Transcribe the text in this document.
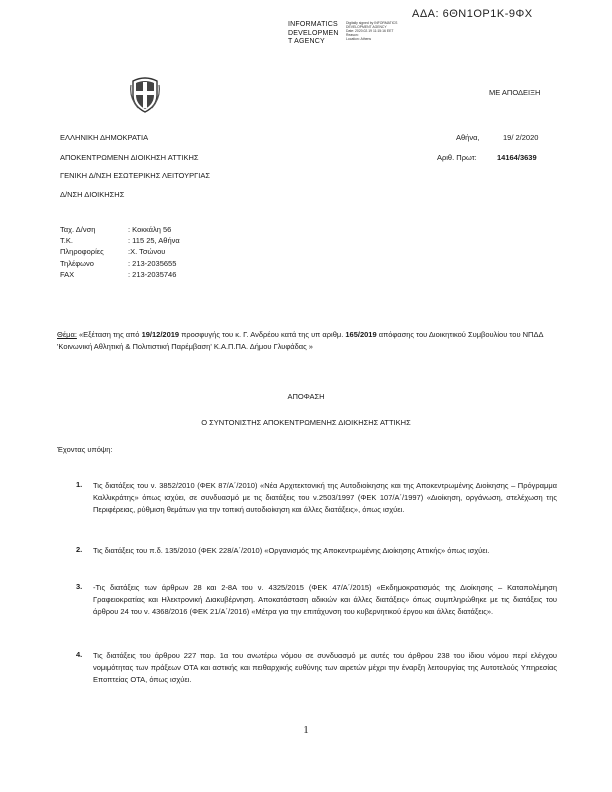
ΑΔΑ: 6ΘΝ1ΟΡ1Κ-9ΦΧ
INFORMATICS
DEVELOPMEN
T AGENCY
Digitally signed by INFORMATICS
DEVELOPMENT AGENCY
Date: 2020.02.19 11:15:16 EET
Reason:
Location: Athens
ΜΕ ΑΠΟΔΕΙΞΗ
ΕΛΛΗΝΙΚΗ ΔΗΜΟΚΡΑΤΙΑ
ΑΠΟΚΕΝΤΡΩΜΕΝΗ ΔΙΟΙΚΗΣΗ ΑΤΤΙΚΗΣ
ΓΕΝΙΚΗ Δ/ΝΣΗ ΕΣΩΤΕΡΙΚΗΣ ΛΕΙΤΟΥΡΓΙΑΣ
Δ/ΝΣΗ ΔΙΟΙΚΗΣΗΣ
Αθήνα,	19/ 2/2020
Αριθ. Πρωτ:	14164/3639
Ταχ. Δ/νση	: Κοκκάλη 56
Τ.Κ.	: 115 25, Αθήνα
Πληροφορίες	:Χ. Τσώνου
Τηλέφωνο	: 213-2035655
FAX	: 213-2035746
Θέμα: «Εξέταση της από 19/12/2019 προσφυγής του κ. Γ. Ανδρέου κατά της υπ αριθμ. 165/2019 απόφασης του Διοικητικού Συμβουλίου του ΝΠΔΔ 'Κοινωνική Αθλητική & Πολιτιστική Παρέμβαση' Κ.Α.Π.ΠΑ. Δήμου Γλυφάδας »
ΑΠΟΦΑΣΗ
Ο ΣΥΝΤΟΝΙΣΤΗΣ ΑΠΟΚΕΝΤΡΩΜΕΝΗΣ ΔΙΟΙΚΗΣΗΣ ΑΤΤΙΚΗΣ
Έχοντας υπόψη:
1. Τις διατάξεις του ν. 3852/2010 (ΦΕΚ 87/Α΄/2010) «Νέα Αρχιτεκτονική της Αυτοδιοίκησης και της Αποκεντρωμένης Διοίκησης – Πρόγραμμα Καλλικράτης» όπως ισχύει, σε συνδυασμό με τις διατάξεις του ν.2503/1997 (ΦΕΚ 107/Α΄/1997) «Διοίκηση, οργάνωση, στελέχωση της Περιφέρειας, ρύθμιση θεμάτων για την τοπική αυτοδιοίκηση και άλλες διατάξεις», όπως ισχύει.
2. Τις διατάξεις του π.δ. 135/2010 (ΦΕΚ 228/Α΄/2010) «Οργανισμός της Αποκεντρωμένης Διοίκησης Αττικής» όπως ισχύει.
3. -Τις διατάξεις των άρθρων 28 και 2-8Α του ν. 4325/2015 (ΦΕΚ 47/Α΄/2015) «Εκδημοκρατισμός της Διοίκησης – Καταπολέμηση Γραφειοκρατίας και Ηλεκτρονική Διακυβέρνηση. Αποκατάσταση αδικιών και άλλες διατάξεις» όπως συμπληρώθηκε με τις διατάξεις του άρθρου 24 του ν. 4368/2016 (ΦΕΚ 21/Α΄/2016) «Μέτρα για την επιτάχυνση του κυβερνητικού έργου και άλλες διατάξεις».
4. Τις διατάξεις του άρθρου 227 παρ. 1α του ανωτέρω νόμου σε συνδυασμό με αυτές του άρθρου 238 του ίδιου νόμου περί ελέγχου νομιμότητας των πράξεων ΟΤΑ και αστικής και πειθαρχικής ευθύνης των αιρετών μέχρι την έναρξη λειτουργίας της Αυτοτελούς Υπηρεσίας Εποπτείας ΟΤΑ, όπως ισχύει.
1
